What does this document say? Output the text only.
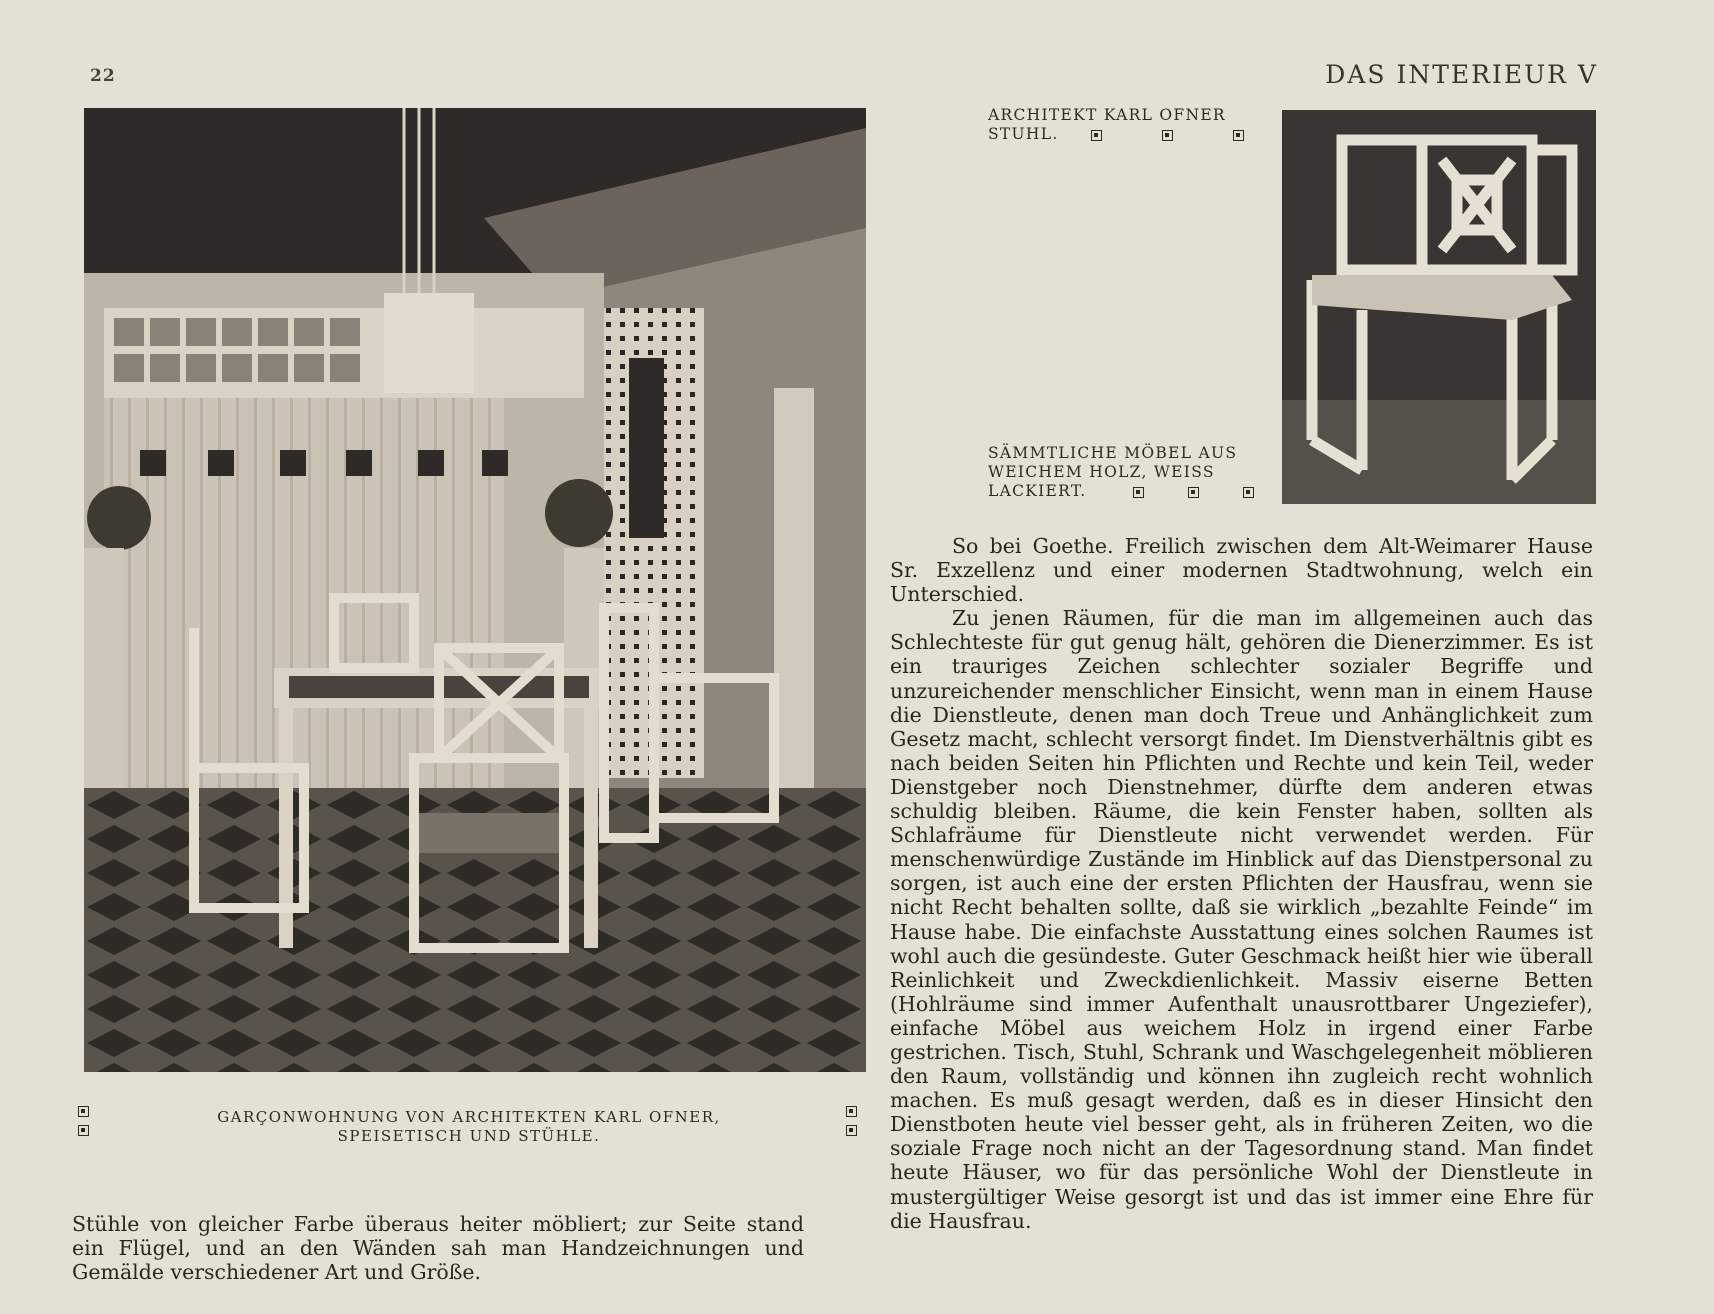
22	DAS INTERIEUR V
GARÇONWOHNUNG VON ARCHITEKTEN KARL OFNER,
SPEISETISCH UND STÜHLE.
Stühle von gleicher Farbe überaus heiter möbliert; zur Seite stand ein Flügel, und an den Wänden sah man Handzeichnungen und Gemälde verschiedener Art und Größe.
ARCHITEKT KARL OFNER
STUHL.
SÄMMTLICHE MÖBEL AUS
WEICHEM HOLZ, WEISS
LACKIERT.

So bei Goethe. Freilich zwischen dem Alt-Weimarer Hause Sr. Exzellenz und einer modernen Stadtwohnung, welch ein Unterschied.

Zu jenen Räumen, für die man im allgemeinen auch das Schlechteste für gut genug hält, gehören die Dienerzimmer. Es ist ein trauriges Zeichen schlechter sozialer Begriffe und unzureichender menschlicher Einsicht, wenn man in einem Hause die Dienstleute, denen man doch Treue und Anhänglichkeit zum Gesetz macht, schlecht versorgt findet. Im Dienstverhältnis gibt es nach beiden Seiten hin Pflichten und Rechte und kein Teil, weder Dienstgeber noch Dienstnehmer, dürfte dem anderen etwas schuldig bleiben. Räume, die kein Fenster haben, sollten als Schlafräume für Dienstleute nicht verwendet werden. Für menschenwürdige Zustände im Hinblick auf das Dienstpersonal zu sorgen, ist auch eine der ersten Pflichten der Hausfrau, wenn sie nicht Recht behalten sollte, daß sie wirklich „bezahlte Feinde“ im Hause habe. Die einfachste Ausstattung eines solchen Raumes ist wohl auch die gesündeste. Guter Geschmack heißt hier wie überall Reinlichkeit und Zweckdienlichkeit. Massiv eiserne Betten (Hohlräume sind immer Aufenthalt unausrottbarer Ungeziefer), einfache Möbel aus weichem Holz in irgend einer Farbe gestrichen. Tisch, Stuhl, Schrank und Waschgelegenheit möblieren den Raum, vollständig und können ihn zugleich recht wohnlich machen. Es muß gesagt werden, daß es in dieser Hinsicht den Dienstboten heute viel besser geht, als in früheren Zeiten, wo die soziale Frage noch nicht an der Tagesordnung stand. Man findet heute Häuser, wo für das persönliche Wohl der Dienstleute in mustergültiger Weise gesorgt ist und das ist immer eine Ehre für die Hausfrau.
